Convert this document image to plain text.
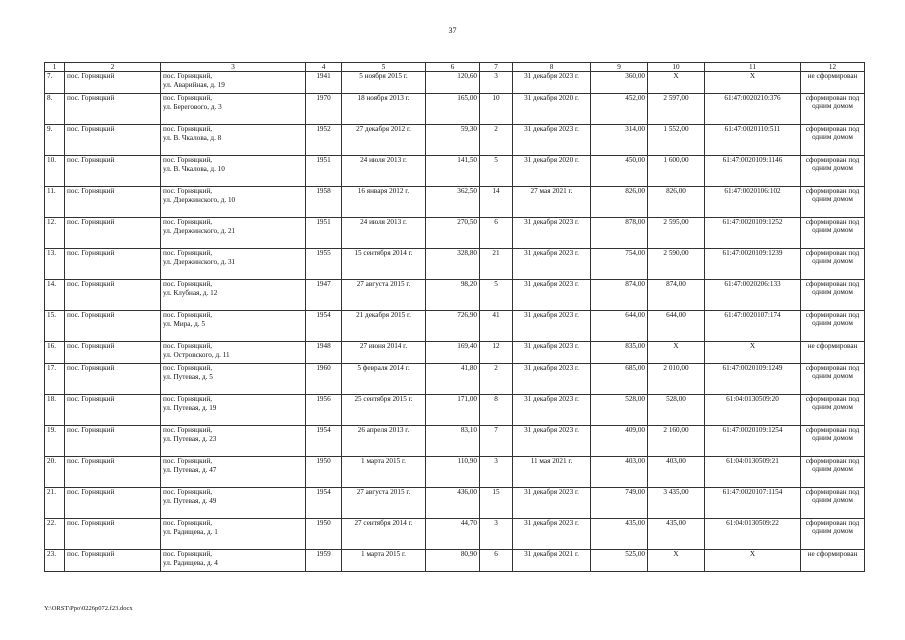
37
1	2	3	4	5	6	7	8	9	10	11	12
7.	пос. Горняцкий	пос. Горняцкий,
ул. Аварийная, д. 19	1941	5 ноября 2015 г.	120,60	3	31 декабря 2023 г.	360,00	X	X	не сформирован
8.	пос. Горняцкий	пос. Горняцкий,
ул. Берегового, д. 3	1970	18 ноября 2013 г.	165,00	10	31 декабря 2020 г.	452,00	2 597,00	61:47:0020210:376	сформирован под одним домом
9.	пос. Горняцкий	пос. Горняцкий,
ул. В. Чкалова, д. 8	1952	27 декабря 2012 г.	59,30	2	31 декабря 2023 г.	314,00	1 552,00	61:47:0020110:511	сформирован под одним домом
10.	пос. Горняцкий	пос. Горняцкий,
ул. В. Чкалова, д. 10	1951	24 июля 2013 г.	141,50	5	31 декабря 2020 г.	450,00	1 600,00	61:47:0020109:1146	сформирован под одним домом
11.	пос. Горняцкий	пос. Горняцкий,
ул. Дзержинского, д. 10	1958	16 января 2012 г.	362,50	14	27 мая 2021 г.	826,00	826,00	61:47:0020106:102	сформирован под одним домом
12.	пос. Горняцкий	пос. Горняцкий,
ул. Дзержинского, д. 21	1951	24 июля 2013 г.	270,50	6	31 декабря 2023 г.	878,00	2 595,00	61:47:0020109:1252	сформирован под одним домом
13.	пос. Горняцкий	пос. Горняцкий,
ул. Дзержинского, д. 31	1955	15 сентября 2014 г.	328,80	21	31 декабря 2023 г.	754,00	2 590,00	61:47:0020109:1239	сформирован под одним домом
14.	пос. Горняцкий	пос. Горняцкий,
ул. Клубная, д. 12	1947	27 августа 2015 г.	98,20	5	31 декабря 2023 г.	874,00	874,00	61:47:0020206:133	сформирован под одним домом
15.	пос. Горняцкий	пос. Горняцкий,
ул. Мира, д. 5	1954	21 декабря 2015 г.	726,90	41	31 декабря 2023 г.	644,00	644,00	61:47:0020107:174	сформирован под одним домом
16.	пос. Горняцкий	пос. Горняцкий,
ул. Островского, д. 11	1948	27 июня 2014 г.	169,40	12	31 декабря 2023 г.	835,00	X	X	не сформирован
17.	пос. Горняцкий	пос. Горняцкий,
ул. Путевая, д. 5	1960	5 февраля 2014 г.	41,80	2	31 декабря 2023 г.	685,00	2 010,00	61:47:0020109:1249	сформирован под одним домом
18.	пос. Горняцкий	пос. Горняцкий,
ул. Путевая, д. 19	1956	25 сентября 2015 г.	171,00	8	31 декабря 2023 г.	528,00	528,00	61:04:0130509:20	сформирован под одним домом
19.	пос. Горняцкий	пос. Горняцкий,
ул. Путевая, д. 23	1954	26 апреля 2013 г.	83,10	7	31 декабря 2023 г.	409,00	2 160,00	61:47:0020109:1254	сформирован под одним домом
20.	пос. Горняцкий	пос. Горняцкий,
ул. Путевая, д. 47	1950	1 марта 2015 г.	110,90	3	11 мая 2021 г.	403,00	403,00	61:04:0130509:21	сформирован под одним домом
21.	пос. Горняцкий	пос. Горняцкий,
ул. Путевая, д. 49	1954	27 августа 2015 г.	436,00	15	31 декабря 2023 г.	749,00	3 435,00	61:47:0020107:1154	сформирован под одним домом
22.	пос. Горняцкий	пос. Горняцкий,
ул. Радищева, д. 1	1950	27 сентября 2014 г.	44,70	3	31 декабря 2023 г.	435,00	435,00	61:04:0130509:22	сформирован под одним домом
23.	пос. Горняцкий	пос. Горняцкий,
ул. Радищева, д. 4	1959	1 марта 2015 г.	80,90	6	31 декабря 2021 г.	525,00	X	X	не сформирован
Y:\ORST\Ppo\0226p072.f23.docx
